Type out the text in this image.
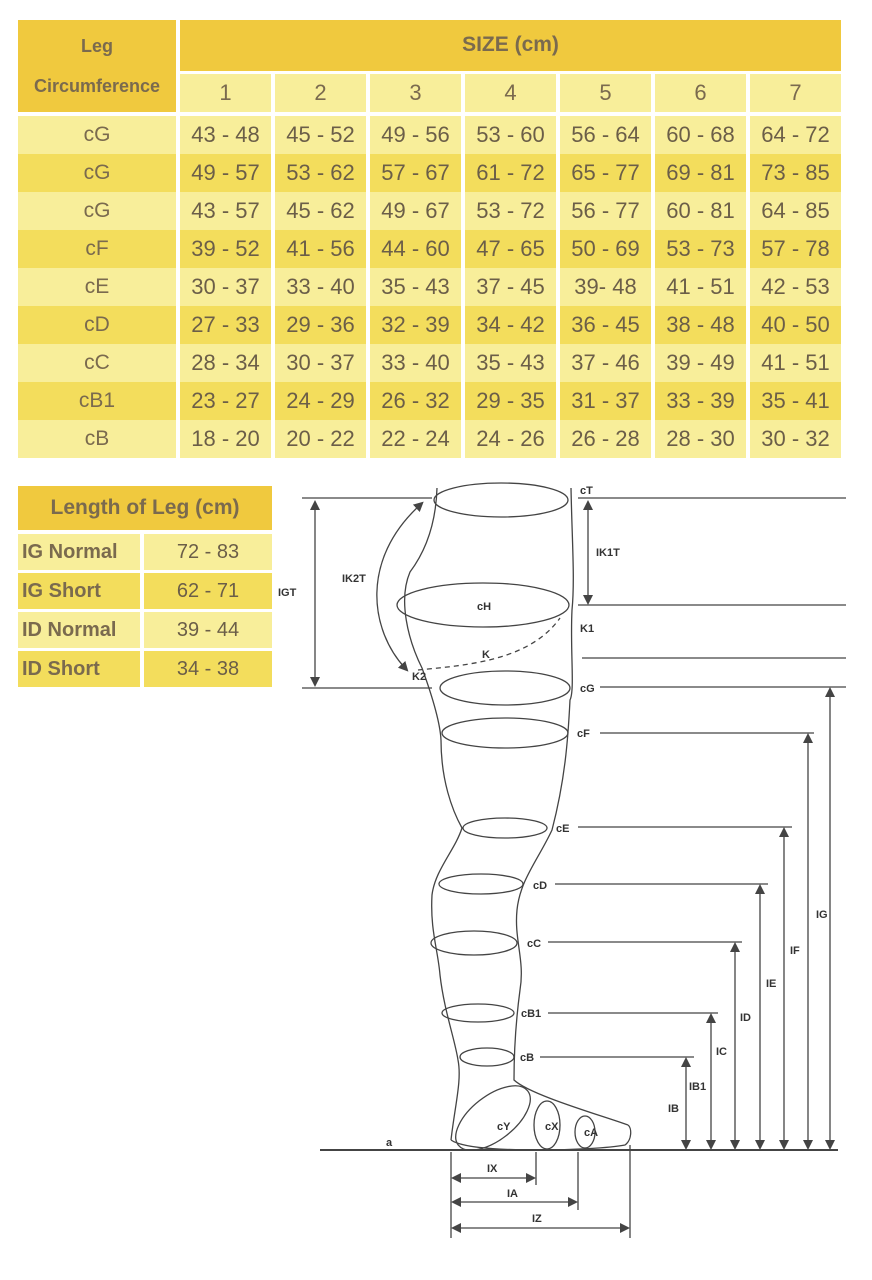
Leg
Circumference	SIZE (cm)						
	1	2	3	4	5	6	7
cG	43 - 48	45 - 52	49 - 56	53 - 60	56 - 64	60 - 68	64 - 72
cG	49 - 57	53 - 62	57 - 67	61 - 72	65 - 77	69 - 81	73 - 85
cG	43 - 57	45 - 62	49 - 67	53 - 72	56 - 77	60 - 81	64 - 85
cF	39 - 52	41 - 56	44 - 60	47 - 65	50 - 69	53 - 73	57 - 78
cE	30 - 37	33 - 40	35 - 43	37 - 45	39- 48	41 - 51	42 - 53
cD	27 - 33	29 - 36	32 - 39	34 - 42	36 - 45	38 - 48	40 - 50
cC	28 - 34	30 - 37	33 - 40	35 - 43	37 - 46	39 - 49	41 - 51
cB1	23 - 27	24 - 29	26 - 32	29 - 35	31 - 37	33 - 39	35 - 41
cB	18 - 20	20 - 22	22 - 24	24 - 26	26 - 28	28 - 30	30 - 32
Length of Leg (cm)	
IG Normal	72 - 83
IG Short	62 - 71
ID Normal	39 - 44
ID Short	34 - 38
cT
IK1T
IK2T
IGT
cH
K1
K
K2
cG
cF
cE
cD
cC
cB1
cB
cY	cX cA
a
IG
IF
IE
ID
IC
IB1
IB
IX
IA
IZ
